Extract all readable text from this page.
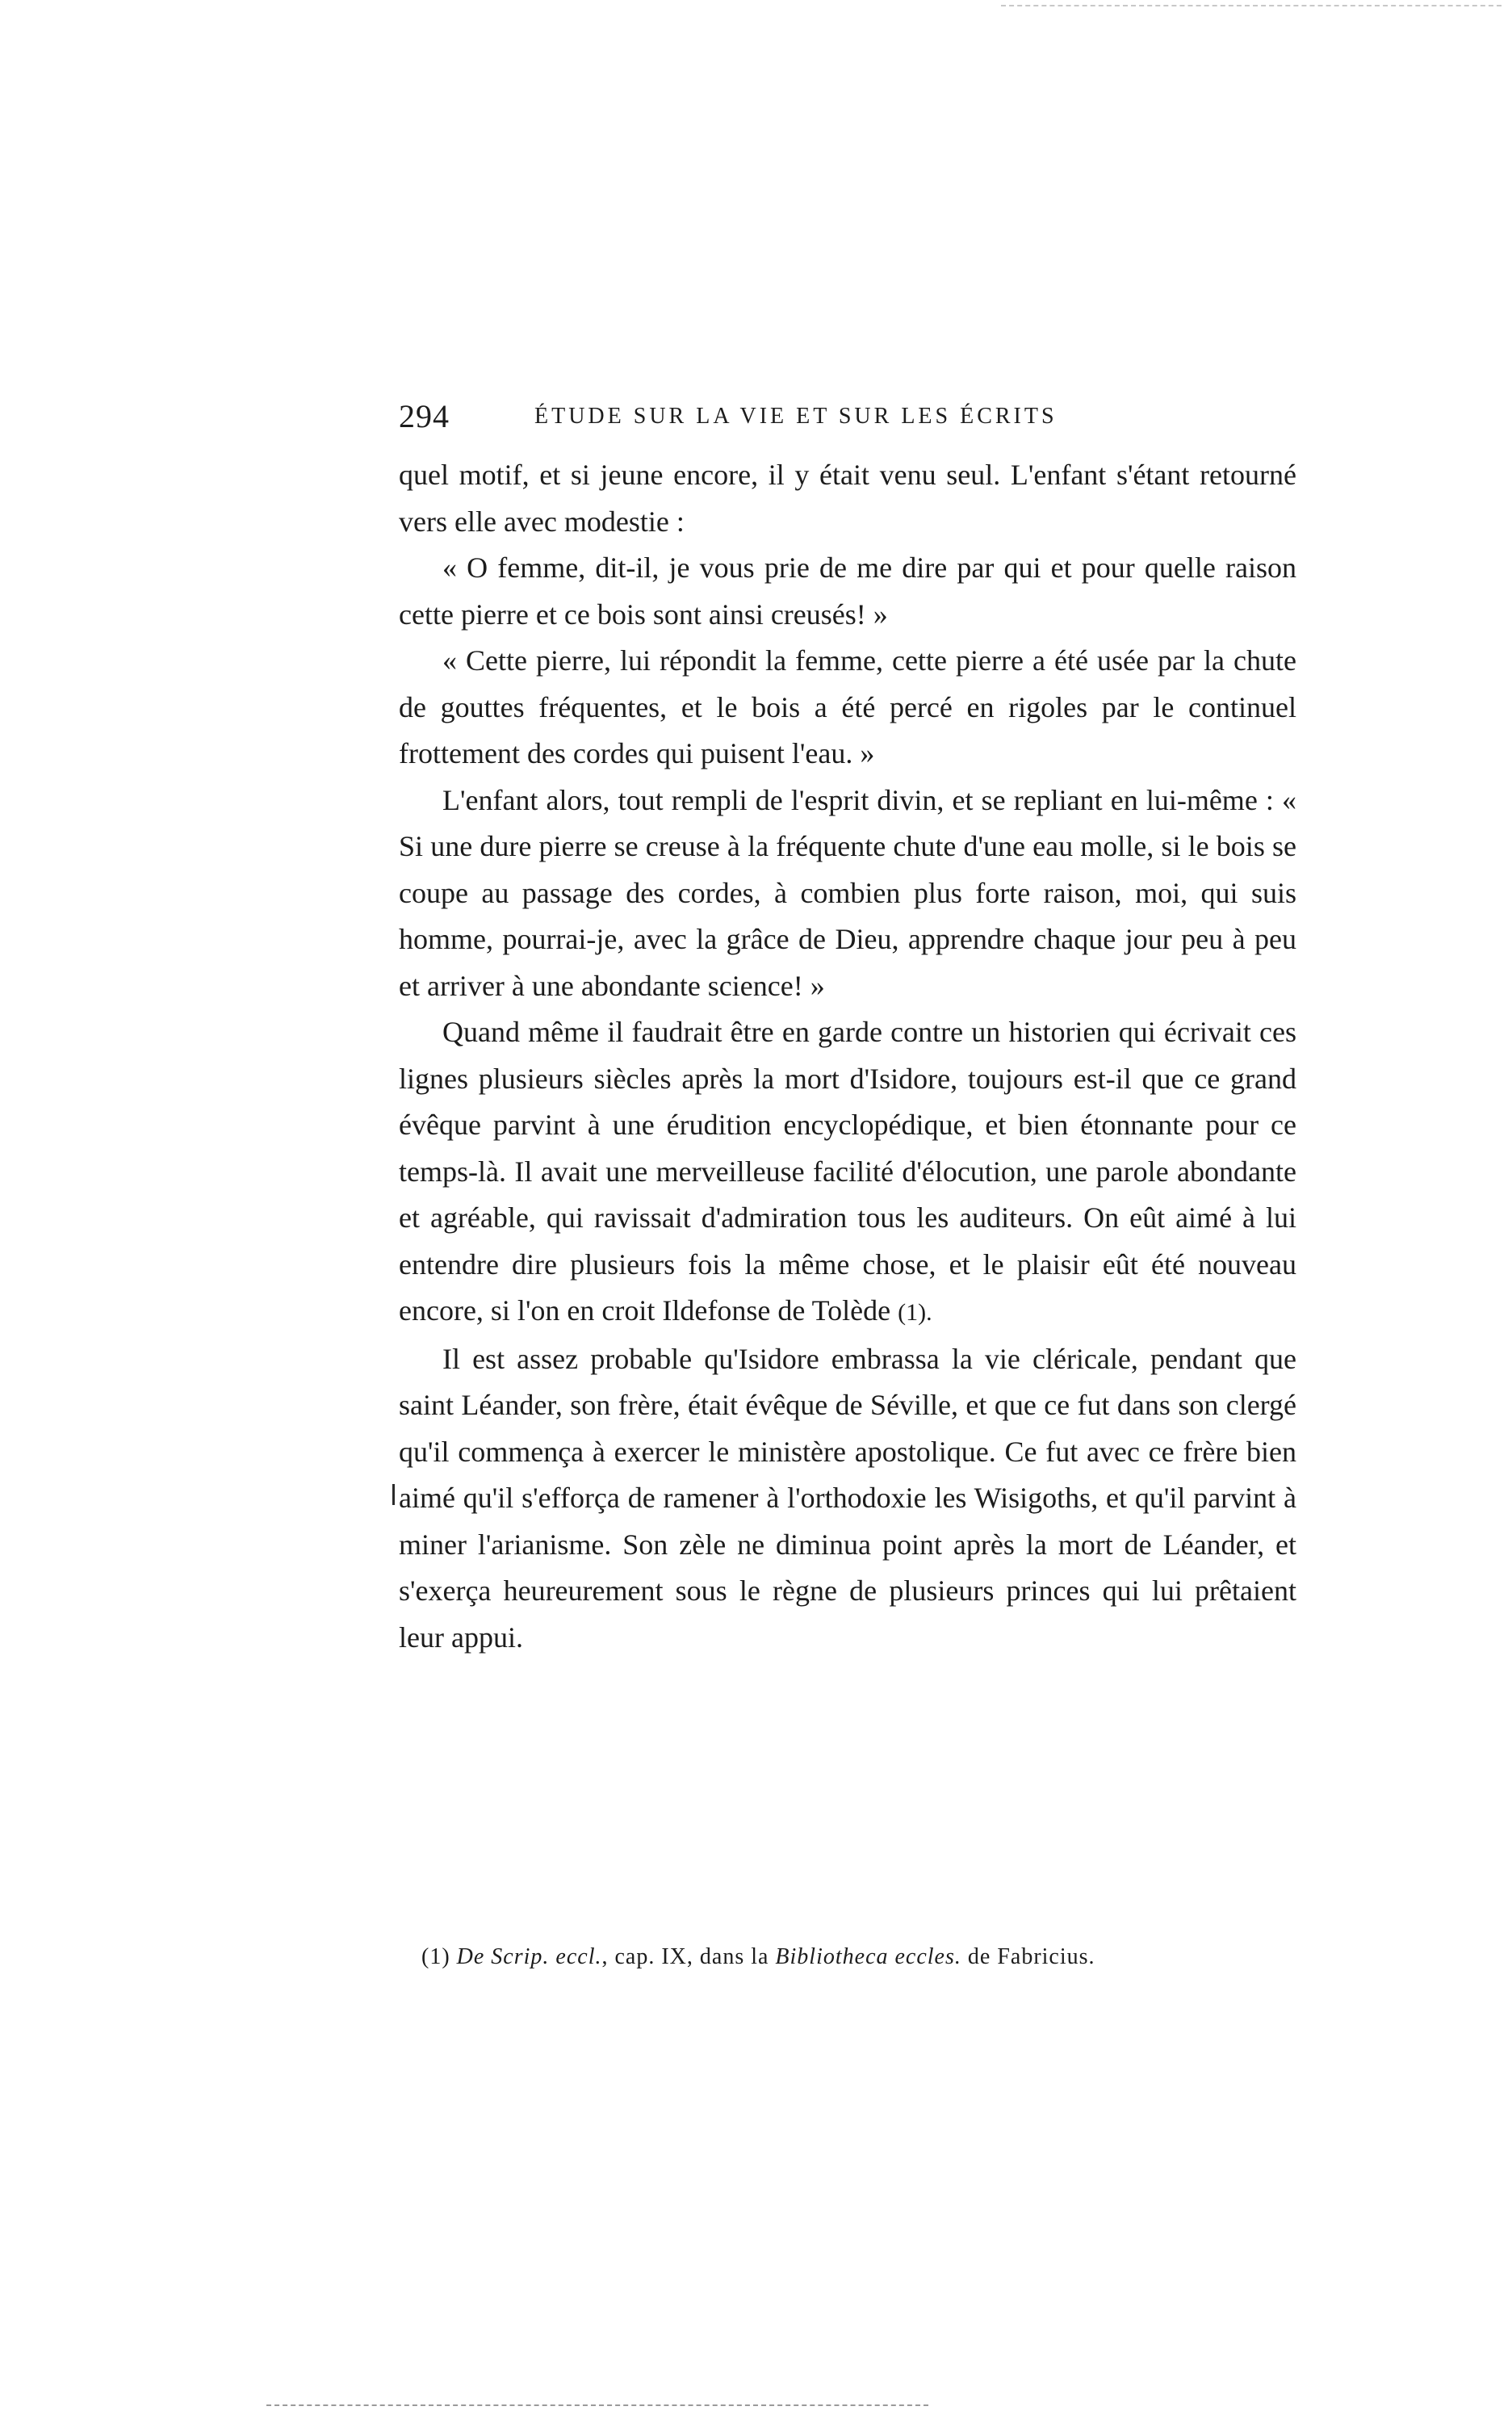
294	ÉTUDE SUR LA VIE ET SUR LES ÉCRITS

quel motif, et si jeune encore, il y était venu seul. L'enfant s'étant retourné vers elle avec modestie :

« O femme, dit-il, je vous prie de me dire par qui et pour quelle raison cette pierre et ce bois sont ainsi creusés! »

« Cette pierre, lui répondit la femme, cette pierre a été usée par la chute de gouttes fréquentes, et le bois a été percé en rigoles par le continuel frottement des cordes qui puisent l'eau. »

L'enfant alors, tout rempli de l'esprit divin, et se repliant en lui-même : « Si une dure pierre se creuse à la fréquente chute d'une eau molle, si le bois se coupe au passage des cordes, à combien plus forte raison, moi, qui suis homme, pourrai-je, avec la grâce de Dieu, apprendre chaque jour peu à peu et arriver à une abondante science! »

Quand même il faudrait être en garde contre un historien qui écrivait ces lignes plusieurs siècles après la mort d'Isidore, toujours est-il que ce grand évêque parvint à une érudition encyclopédique, et bien étonnante pour ce temps-là. Il avait une merveilleuse facilité d'élocution, une parole abondante et agréable, qui ravissait d'admiration tous les auditeurs. On eût aimé à lui entendre dire plusieurs fois la même chose, et le plaisir eût été nouveau encore, si l'on en croit Ildefonse de Tolède (1).

Il est assez probable qu'Isidore embrassa la vie cléricale, pendant que saint Léander, son frère, était évêque de Séville, et que ce fut dans son clergé qu'il commença à exercer le ministère apostolique. Ce fut avec ce frère bien aimé qu'il s'efforça de ramener à l'orthodoxie les Wisigoths, et qu'il parvint à miner l'arianisme. Son zèle ne diminua point après la mort de Léander, et s'exerça heureurement sous le règne de plusieurs princes qui lui prêtaient leur appui.

(1) De Scrip. eccl., cap. IX, dans la Bibliotheca eccles. de Fabricius.
